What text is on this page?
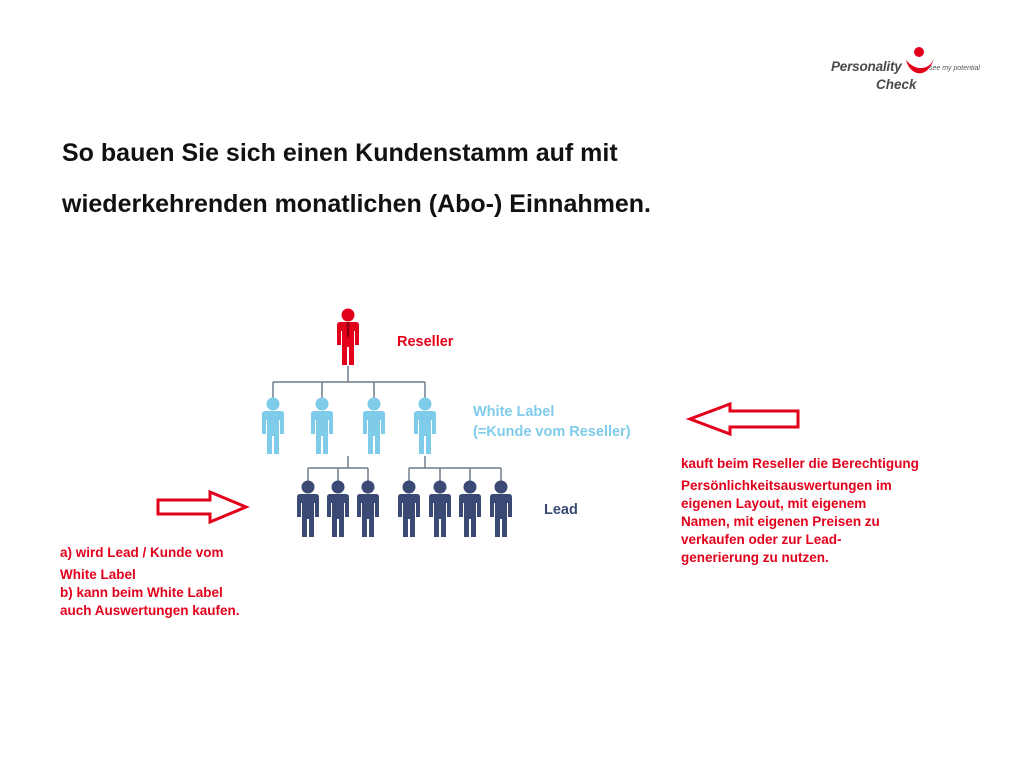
Personality
Check
see my potential
So bauen Sie sich einen Kundenstamm auf mit
wiederkehrenden monatlichen (Abo-) Einnahmen.
Reseller
White Label
(=Kunde vom Reseller)
Lead
a) wird Lead / Kunde vom
White Label
b) kann beim White Label
auch Auswertungen kaufen.
kauft beim Reseller die Berechtigung
Persönlichkeitsauswertungen im
eigenen Layout, mit eigenem
Namen, mit eigenen Preisen zu
verkaufen oder zur Lead-
generierung zu nutzen.
